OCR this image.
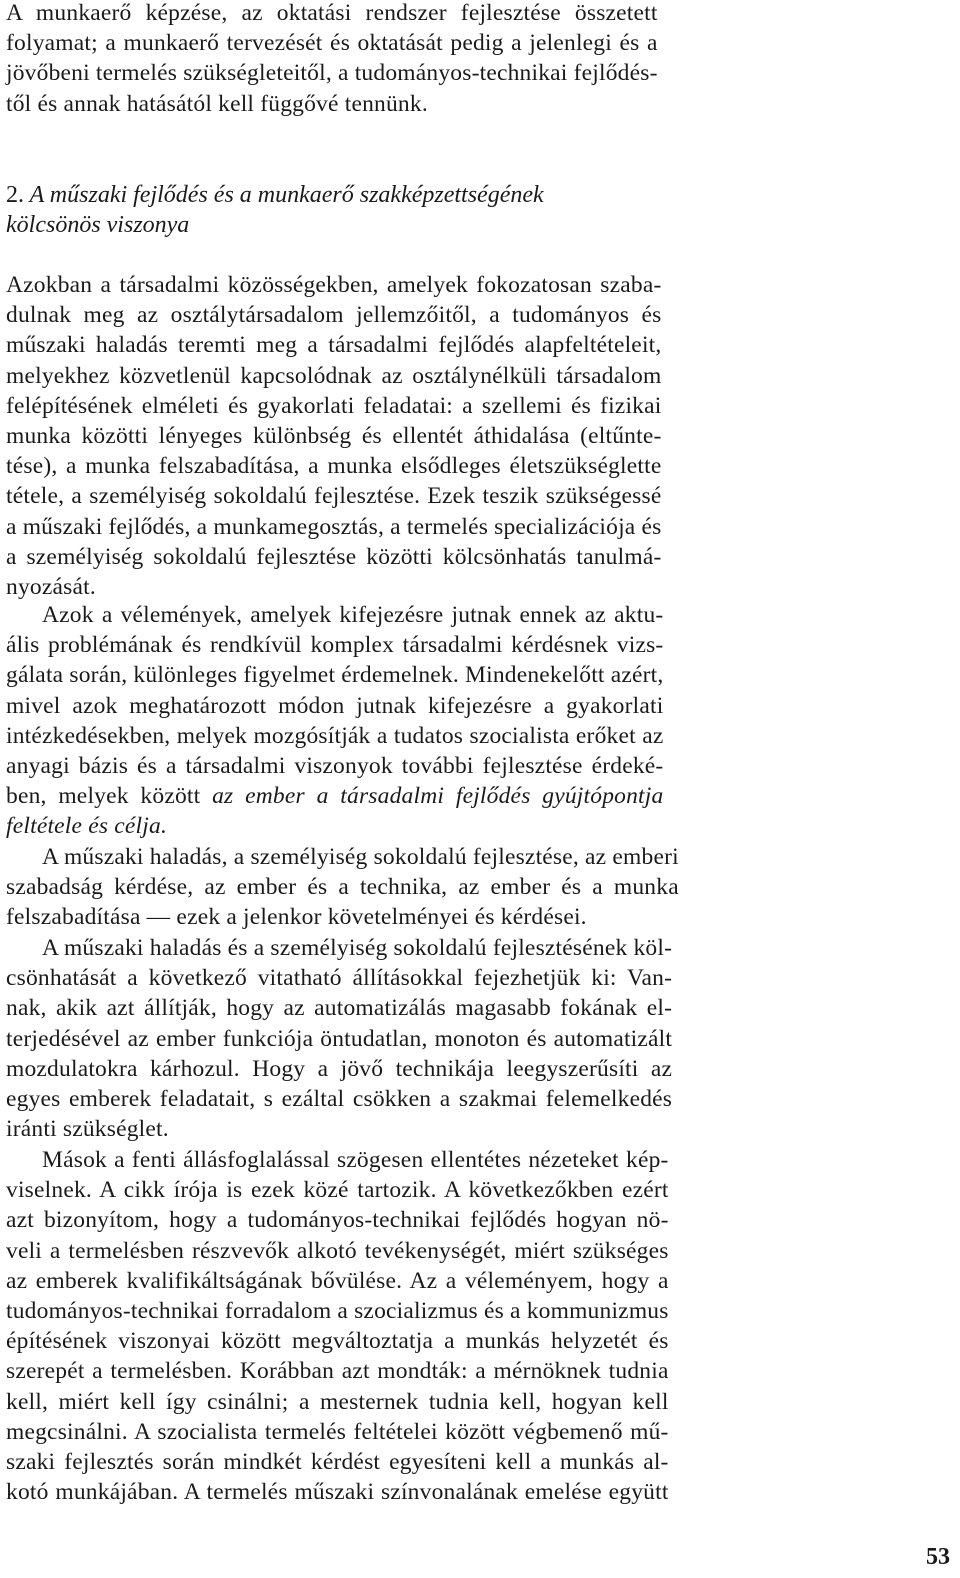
A munkaerő képzése, az oktatási rendszer fejlesztése összetett
folyamat; a munkaerő tervezését és oktatását pedig a jelenlegi és a
jövőbeni termelés szükségleteitől, a tudományos-technikai fejlődés-
től és annak hatásától kell függővé tennünk.

2. A műszaki fejlődés és a munkaerő szakképzettségének
kölcsönös viszonya

Azokban a társadalmi közösségekben, amelyek fokozatosan szaba-
dulnak meg az osztálytársadalom jellemzőitől, a tudományos és
műszaki haladás teremti meg a társadalmi fejlődés alapfeltételeit,
melyekhez közvetlenül kapcsolódnak az osztálynélküli társadalom
felépítésének elméleti és gyakorlati feladatai: a szellemi és fizikai
munka közötti lényeges különbség és ellentét áthidalása (eltűnte-
tése), a munka felszabadítása, a munka elsődleges életszükséglette
tétele, a személyiség sokoldalú fejlesztése. Ezek teszik szükségessé
a műszaki fejlődés, a munkamegosztás, a termelés specializációja és
a személyiség sokoldalú fejlesztése közötti kölcsönhatás tanulmá-
nyozását.

Azok a vélemények, amelyek kifejezésre jutnak ennek az aktu-
ális problémának és rendkívül komplex társadalmi kérdésnek vizs-
gálata során, különleges figyelmet érdemelnek. Mindenekelőtt azért,
mivel azok meghatározott módon jutnak kifejezésre a gyakorlati
intézkedésekben, melyek mozgósítják a tudatos szocialista erőket az
anyagi bázis és a társadalmi viszonyok további fejlesztése érdeké-
ben, melyek között az ember a társadalmi fejlődés gyújtópontja
feltétele és célja.

A műszaki haladás, a személyiség sokoldalú fejlesztése, az emberi
szabadság kérdése, az ember és a technika, az ember és a munka
felszabadítása — ezek a jelenkor követelményei és kérdései.

A műszaki haladás és a személyiség sokoldalú fejlesztésének köl-
csönhatását a következő vitatható állításokkal fejezhetjük ki: Van-
nak, akik azt állítják, hogy az automatizálás magasabb fokának el-
terjedésével az ember funkciója öntudatlan, monoton és automatizált
mozdulatokra kárhozul. Hogy a jövő technikája leegyszerűsíti az
egyes emberek feladatait, s ezáltal csökken a szakmai felemelkedés
iránti szükséglet.

Mások a fenti állásfoglalással szögesen ellentétes nézeteket kép-
viselnek. A cikk írója is ezek közé tartozik. A következőkben ezért
azt bizonyítom, hogy a tudományos-technikai fejlődés hogyan nö-
veli a termelésben részvevők alkotó tevékenységét, miért szükséges
az emberek kvalifikáltságának bővülése. Az a véleményem, hogy a
tudományos-technikai forradalom a szocializmus és a kommunizmus
építésének viszonyai között megváltoztatja a munkás helyzetét és
szerepét a termelésben. Korábban azt mondták: a mérnöknek tudnia
kell, miért kell így csinálni; a mesternek tudnia kell, hogyan kell
megcsinálni. A szocialista termelés feltételei között végbemenő mű-
szaki fejlesztés során mindkét kérdést egyesíteni kell a munkás al-
kotó munkájában. A termelés műszaki színvonalának emelése együtt

53
